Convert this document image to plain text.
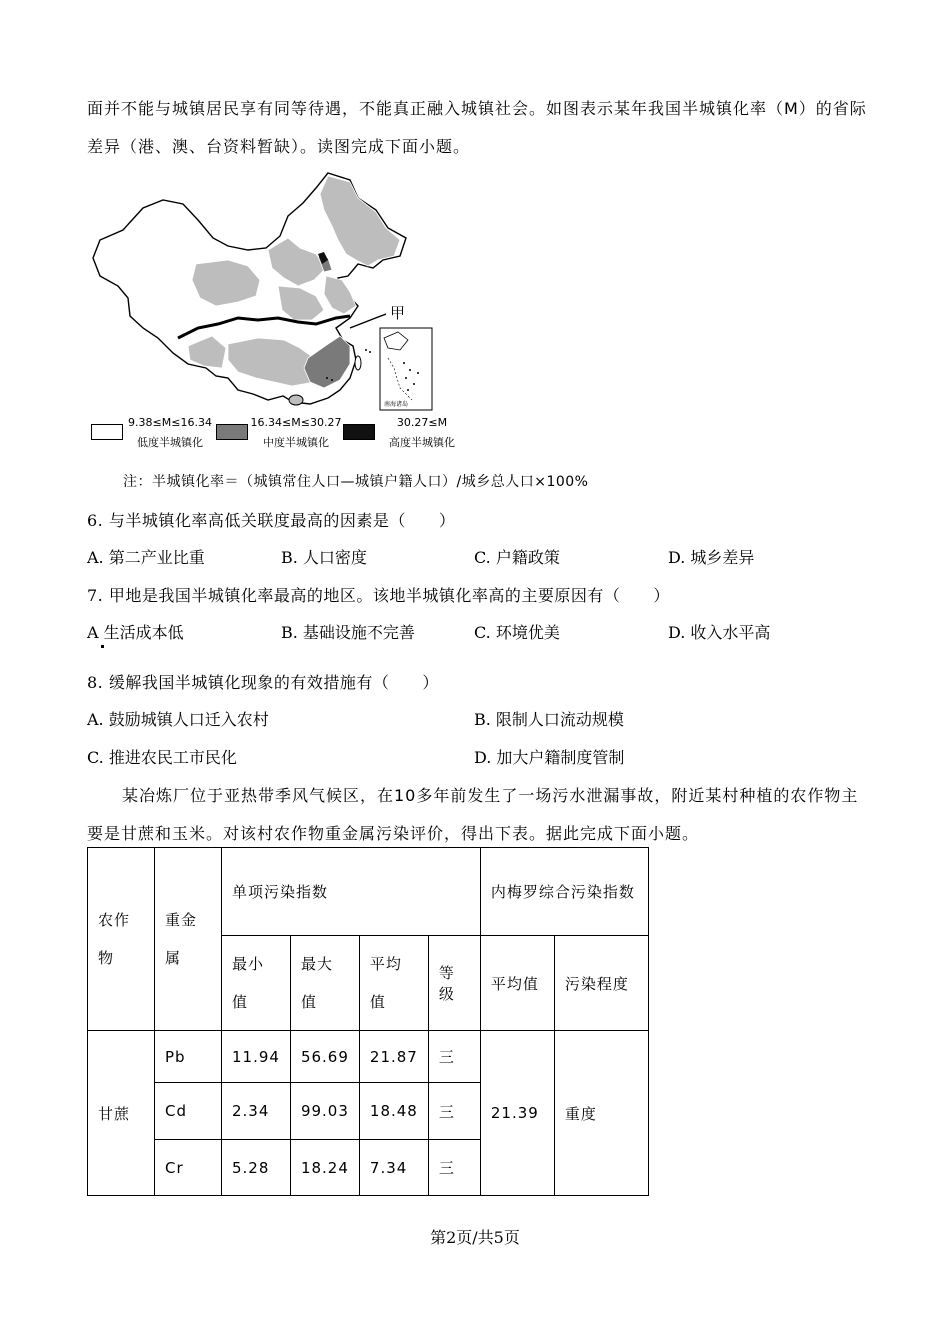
面并不能与城镇居民享有同等待遇，不能真正融入城镇社会。如图表示某年我国半城镇化率（M）的省际
差异（港、澳、台资料暂缺）。读图完成下面小题。
甲
南海诸岛
9.38≤M≤16.34
低度半城镇化
16.34≤M≤30.27
中度半城镇化
30.27≤M
高度半城镇化
注：半城镇化率＝（城镇常住人口—城镇户籍人口）/城乡总人口×100%
6. 与半城镇化率高低关联度最高的因素是（　　）
A. 第二产业比重	B. 人口密度	C. 户籍政策	D. 城乡差异
7. 甲地是我国半城镇化率最高的地区。该地半城镇化率高的主要原因有（　　）
A 生活成本低	B. 基础设施不完善	C. 环境优美	D. 收入水平高
8. 缓解我国半城镇化现象的有效措施有（　　）
A. 鼓励城镇人口迁入农村	B. 限制人口流动规模
C. 推进农民工市民化	D. 加大户籍制度管制
某冶炼厂位于亚热带季风气候区，在10多年前发生了一场污水泄漏事故，附近某村种植的农作物主
要是甘蔗和玉米。对该村农作物重金属污染评价，得出下表。据此完成下面小题。
农作物	重金属	单项污染指数				内梅罗综合污染指数	
		最小值	最大值	平均值	等级	平均值	污染程度
甘蔗	Pb	11.94	56.69	21.87	三	21.39	重度
	Cd	2.34	99.03	18.48	三		
	Cr	5.28	18.24	7.34	三		
第2页/共5页
